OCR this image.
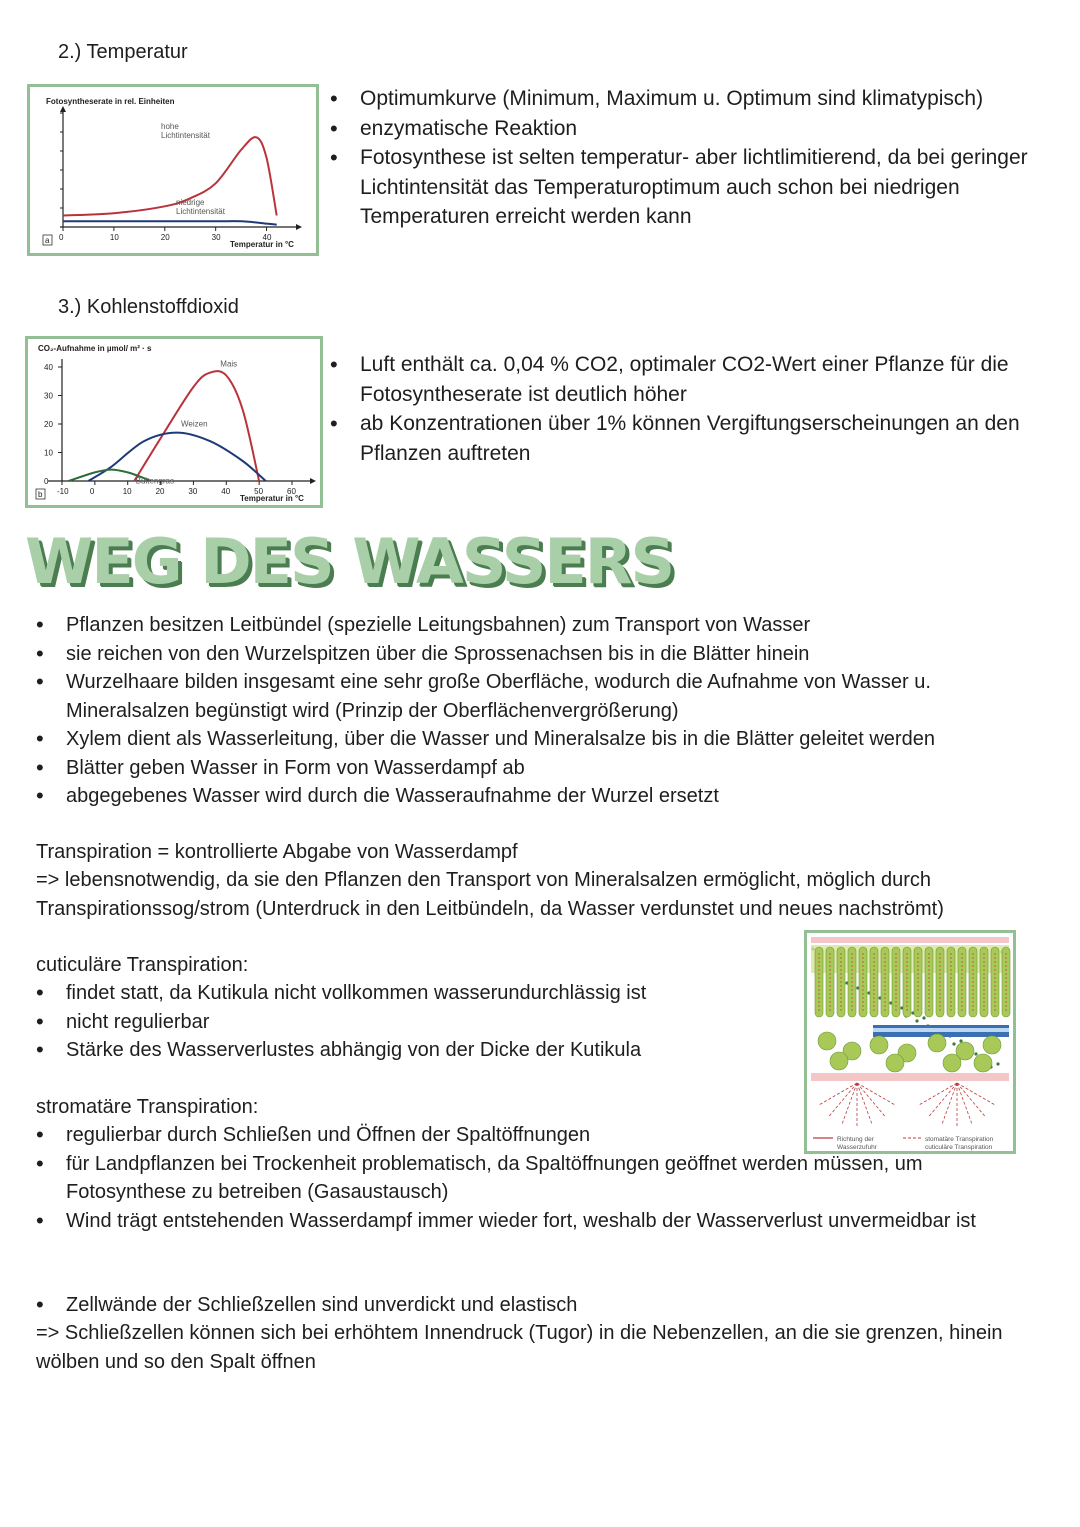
2.) Temperatur
Fotosyntheserate in rel. Einheiten
0	10	20	30	40
hohe
Lichtintensität
niedrige
Lichtintensität
Temperatur in °C
a
• Optimumkurve (Minimum, Maximum u. Optimum sind klimatypisch)
• enzymatische Reaktion
• Fotosynthese ist selten temperatur- aber lichtlimitierend, da bei geringer Lichtintensität das Temperaturoptimum auch schon bei niedrigen Temperaturen erreicht werden kann
3.) Kohlenstoffdioxid
CO₂-Aufnahme in µmol/ m² · s
0
10
20
30
40
-10	0	10	20	30	40	50	60
Mais
Weizen
Bültengras
Temperatur in °C
b
• Luft enthält ca. 0,04 % CO2, optimaler CO2-Wert einer Pflanze für die Fotosyntheserate ist deutlich höher
• ab Konzentrationen über 1% können Vergiftungserscheinungen an den Pflanzen auftreten
WEG DES WASSERS
• Pflanzen besitzen Leitbündel (spezielle Leitungsbahnen) zum Transport von Wasser
• sie reichen von den Wurzelspitzen über die Sprossenachsen bis in die Blätter hinein
• Wurzelhaare bilden insgesamt eine sehr große Oberfläche, wodurch die Aufnahme von Wasser u. Mineralsalzen begünstigt wird (Prinzip der Oberflächenvergrößerung)
• Xylem dient als Wasserleitung, über die Wasser und Mineralsalze bis in die Blätter geleitet werden
• Blätter geben Wasser in Form von Wasserdampf ab
• abgegebenes Wasser wird durch die Wasseraufnahme der Wurzel ersetzt
Transpiration = kontrollierte Abgabe von Wasserdampf
=> lebensnotwendig, da sie den Pflanzen den Transport von Mineralsalzen ermöglicht, möglich durch Transpirationssog/strom (Unterdruck in den Leitbündeln, da Wasser verdunstet und neues nachströmt)
Richtung der
Wasserzufuhr
stomatäre Transpiration
cuticuläre Transpiration
cuticuläre Transpiration:
• findet statt, da Kutikula nicht vollkommen wasserundurchlässig ist
• nicht regulierbar
• Stärke des Wasserverlustes abhängig von der Dicke der Kutikula
stromatäre Transpiration:
• regulierbar durch Schließen und Öffnen der Spaltöffnungen
• für Landpflanzen bei Trockenheit problematisch, da Spaltöffnungen geöffnet werden müssen, um Fotosynthese zu betreiben (Gasaustausch)
• Wind trägt entstehenden Wasserdampf immer wieder fort, weshalb der Wasserverlust unvermeidbar ist
• Zellwände der Schließzellen sind unverdickt und elastisch
=> Schließzellen können sich bei erhöhtem Innendruck (Tugor) in die Nebenzellen, an die sie grenzen, hinein wölben und so den Spalt öffnen
